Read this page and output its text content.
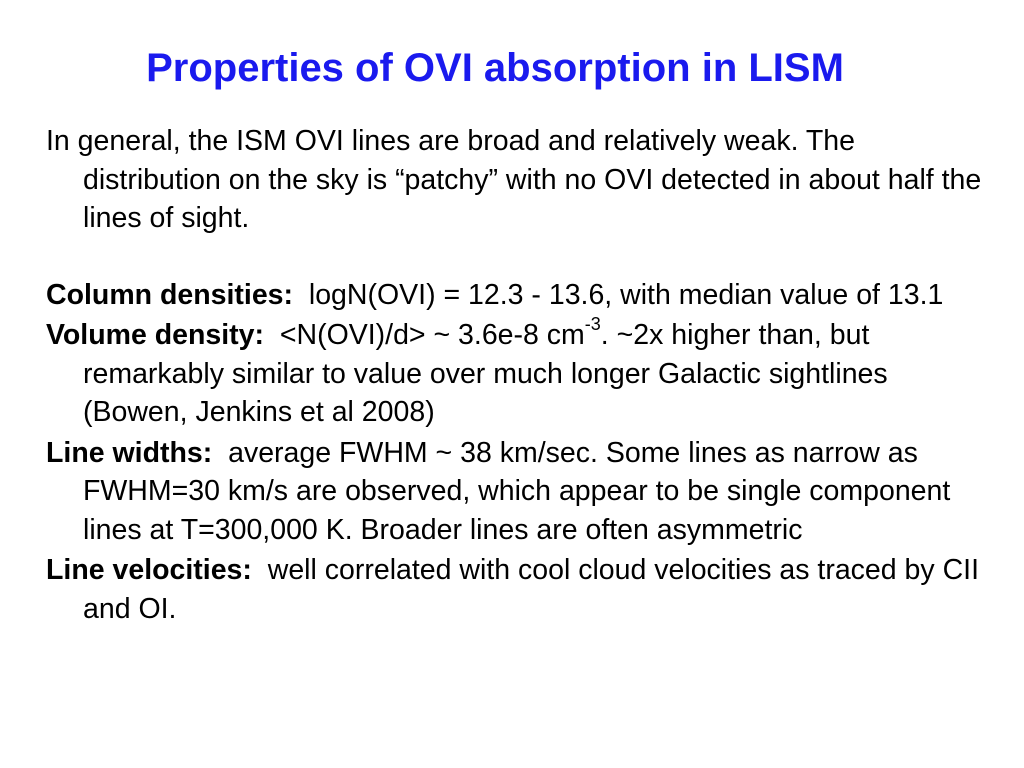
Properties of OVI absorption in LISM

In general, the ISM OVI lines are broad and relatively weak. The distribution on the sky is “patchy” with no OVI detected in about half the lines of sight.

Column densities: logN(OVI) = 12.3 - 13.6, with median value of 13.1

Volume density: <N(OVI)/d> ~ 3.6e-8 $cm^{-3}$. ~2x higher than, but remarkably similar to value over much longer Galactic sightlines (Bowen, Jenkins et al 2008)

Line widths: average FWHM ~ 38 km/sec. Some lines as narrow as FWHM=30 km/s are observed, which appear to be single component lines at T=300,000 K. Broader lines are often asymmetric

Line velocities: well correlated with cool cloud velocities as traced by CII and OI.
